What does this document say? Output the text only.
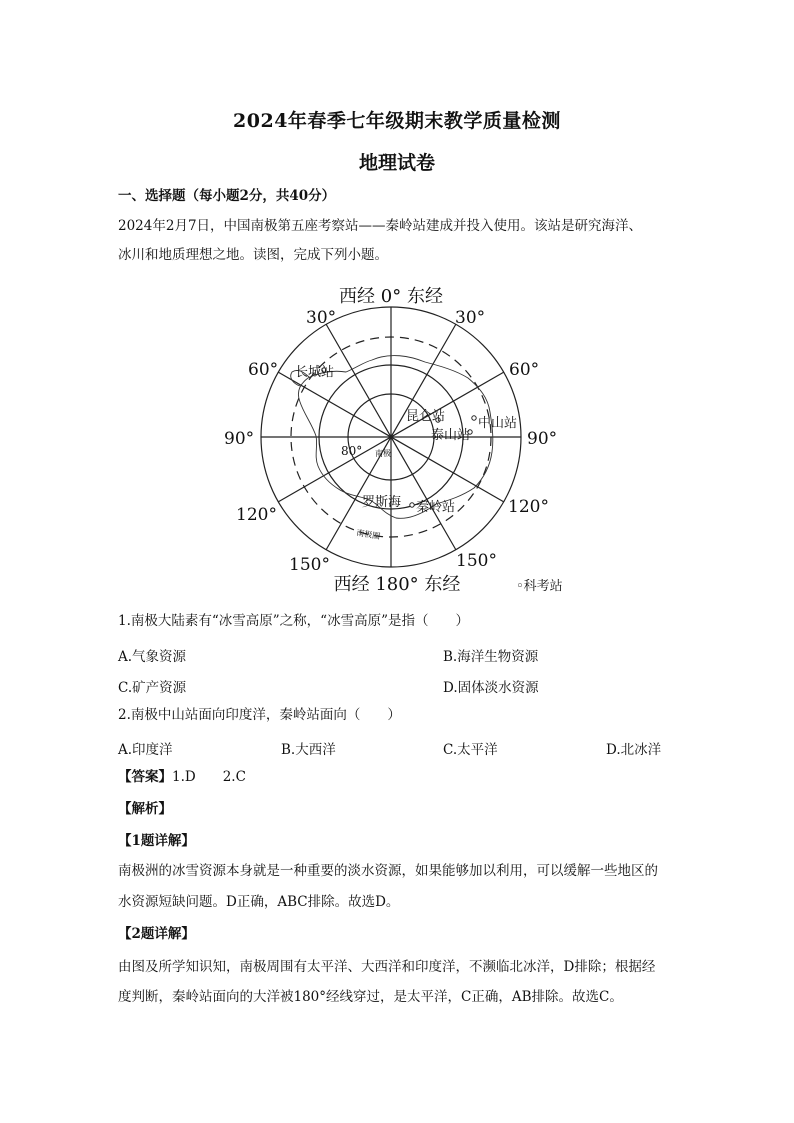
2024年春季七年级期末教学质量检测
地理试卷
一、选择题（每小题2分，共40分）
2024年2月7日，中国南极第五座考察站——秦岭站建成并投入使用。该站是研究海洋、
冰川和地质理想之地。读图，完成下列小题。
西经 0° 东经
西经 180° 东经
30°	30°
60°	60°
90°	90°
120°	120°
150°	150°
80° 南极
南极圈
长城站
昆仑站	中山站
泰山站
秦岭站
罗斯海
◦科考站
1.南极大陆素有“冰雪高原”之称，“冰雪高原”是指（　　）
A.气象资源	B.海洋生物资源
C.矿产资源	D.固体淡水资源
2.南极中山站面向印度洋，秦岭站面向（　　）
A.印度洋	B.大西洋	C.太平洋	D.北冰洋
【答案】1.D　　2.C
【解析】
【1题详解】
南极洲的冰雪资源本身就是一种重要的淡水资源，如果能够加以利用，可以缓解一些地区的
水资源短缺问题。D正确，ABC排除。故选D。
【2题详解】
由图及所学知识知，南极周围有太平洋、大西洋和印度洋，不濒临北冰洋，D排除；根据经
度判断，秦岭站面向的大洋被180°经线穿过，是太平洋，C正确，AB排除。故选C。
